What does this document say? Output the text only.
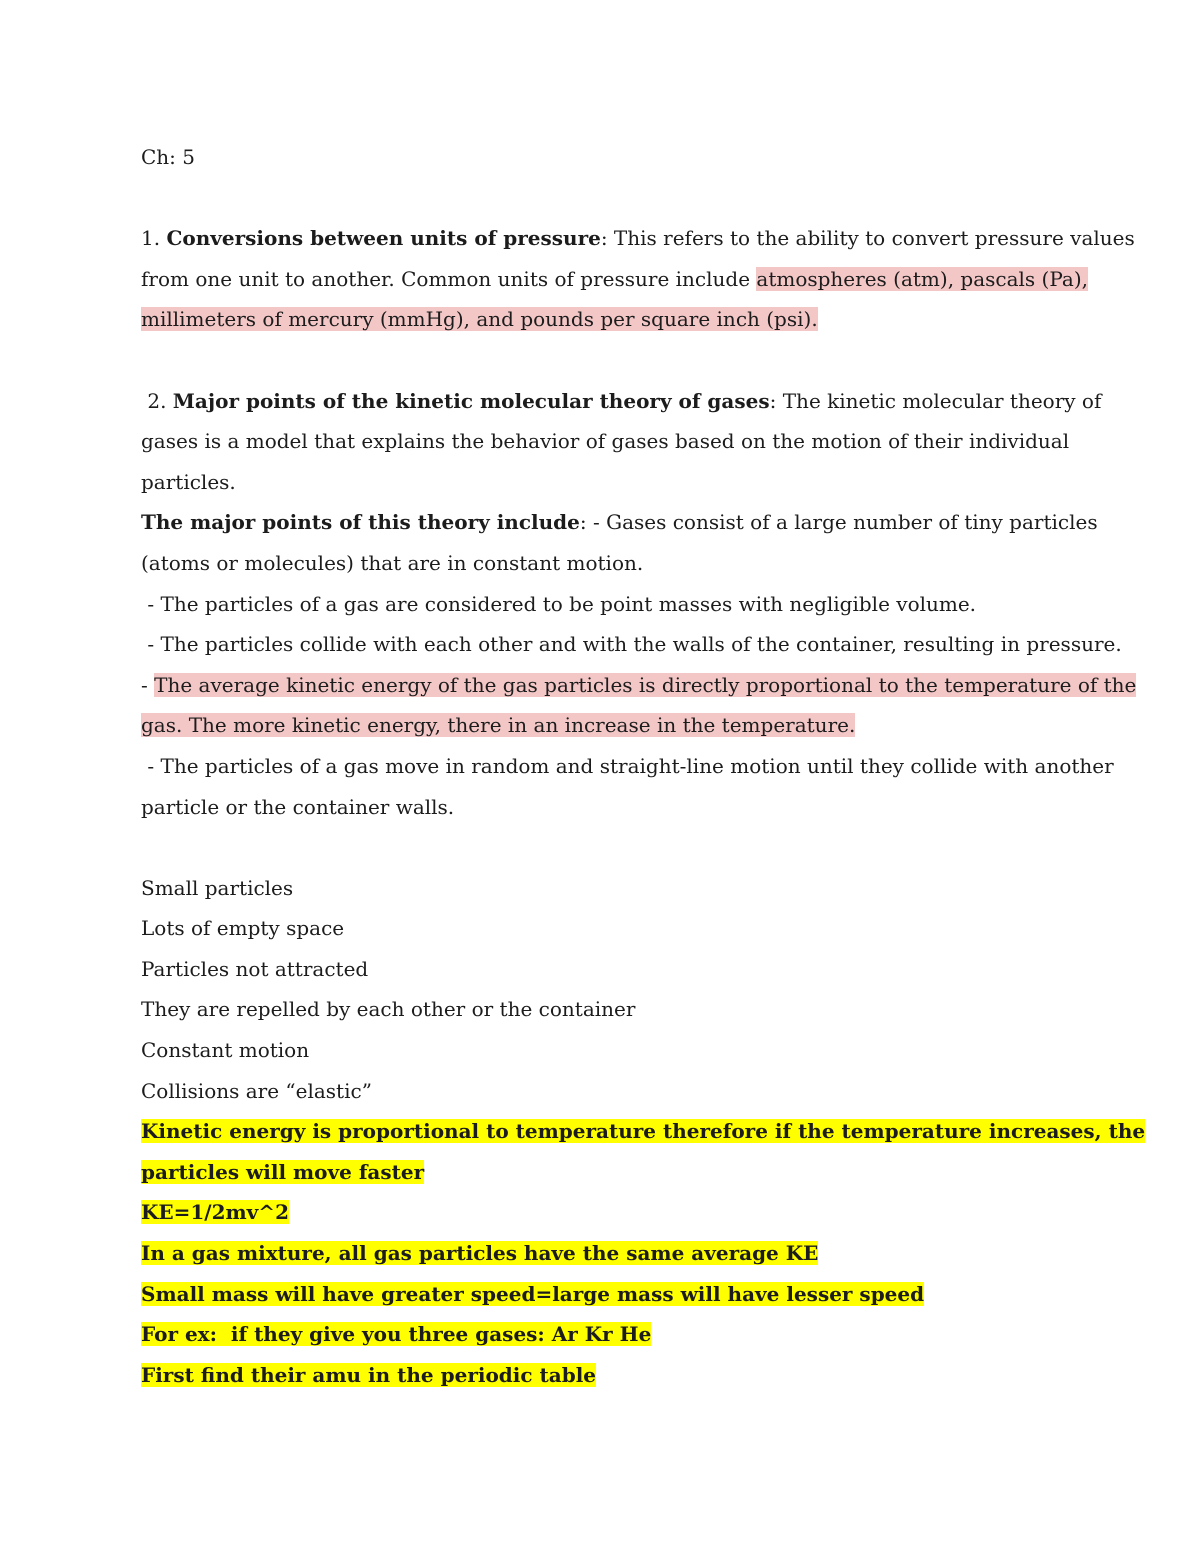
Ch: 5
1. Conversions between units of pressure: This refers to the ability to convert pressure values
from one unit to another. Common units of pressure include atmospheres (atm), pascals (Pa),
millimeters of mercury (mmHg), and pounds per square inch (psi).
2. Major points of the kinetic molecular theory of gases: The kinetic molecular theory of
gases is a model that explains the behavior of gases based on the motion of their individual
particles.
The major points of this theory include: - Gases consist of a large number of tiny particles
(atoms or molecules) that are in constant motion.
- The particles of a gas are considered to be point masses with negligible volume.
- The particles collide with each other and with the walls of the container, resulting in pressure.
- The average kinetic energy of the gas particles is directly proportional to the temperature of the
gas. The more kinetic energy, there in an increase in the temperature.
- The particles of a gas move in random and straight-line motion until they collide with another
particle or the container walls.
Small particles
Lots of empty space
Particles not attracted
They are repelled by each other or the container
Constant motion
Collisions are “elastic”
Kinetic energy is proportional to temperature therefore if the temperature increases, the
particles will move faster
KE=1/2mv^2
In a gas mixture, all gas particles have the same average KE
Small mass will have greater speed=large mass will have lesser speed
For ex:  if they give you three gases: Ar Kr He
First find their amu in the periodic table
